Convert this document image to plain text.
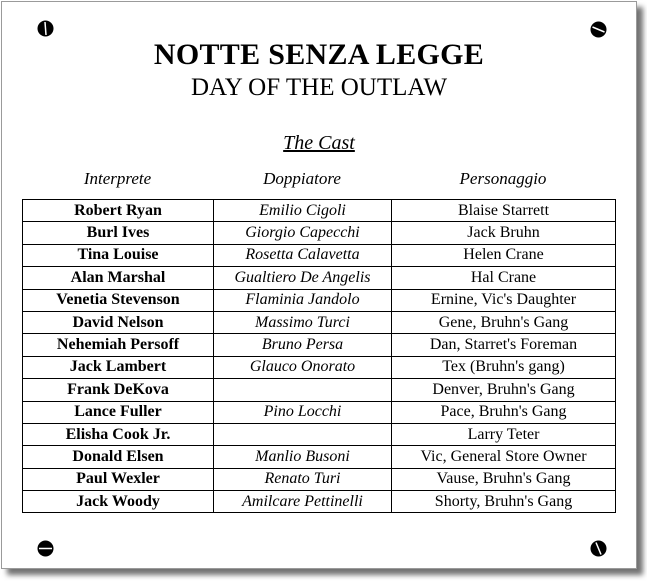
NOTTE SENZA LEGGE
DAY OF THE OUTLAW
The Cast
Interprete	Doppiatore	Personaggio
Robert Ryan	Emilio Cigoli	Blaise Starrett
Burl Ives	Giorgio Capecchi	Jack Bruhn
Tina Louise	Rosetta Calavetta	Helen Crane
Alan Marshal	Gualtiero De Angelis	Hal Crane
Venetia Stevenson	Flaminia Jandolo	Ernine, Vic's Daughter
David Nelson	Massimo Turci	Gene, Bruhn's Gang
Nehemiah Persoff	Bruno Persa	Dan, Starret's Foreman
Jack Lambert	Glauco Onorato	Tex (Bruhn's gang)
Frank DeKova		Denver, Bruhn's Gang
Lance Fuller	Pino Locchi	Pace, Bruhn's Gang
Elisha Cook Jr.		Larry Teter
Donald Elsen	Manlio Busoni	Vic, General Store Owner
Paul Wexler	Renato Turi	Vause, Bruhn's Gang
Jack Woody	Amilcare Pettinelli	Shorty, Bruhn's Gang
